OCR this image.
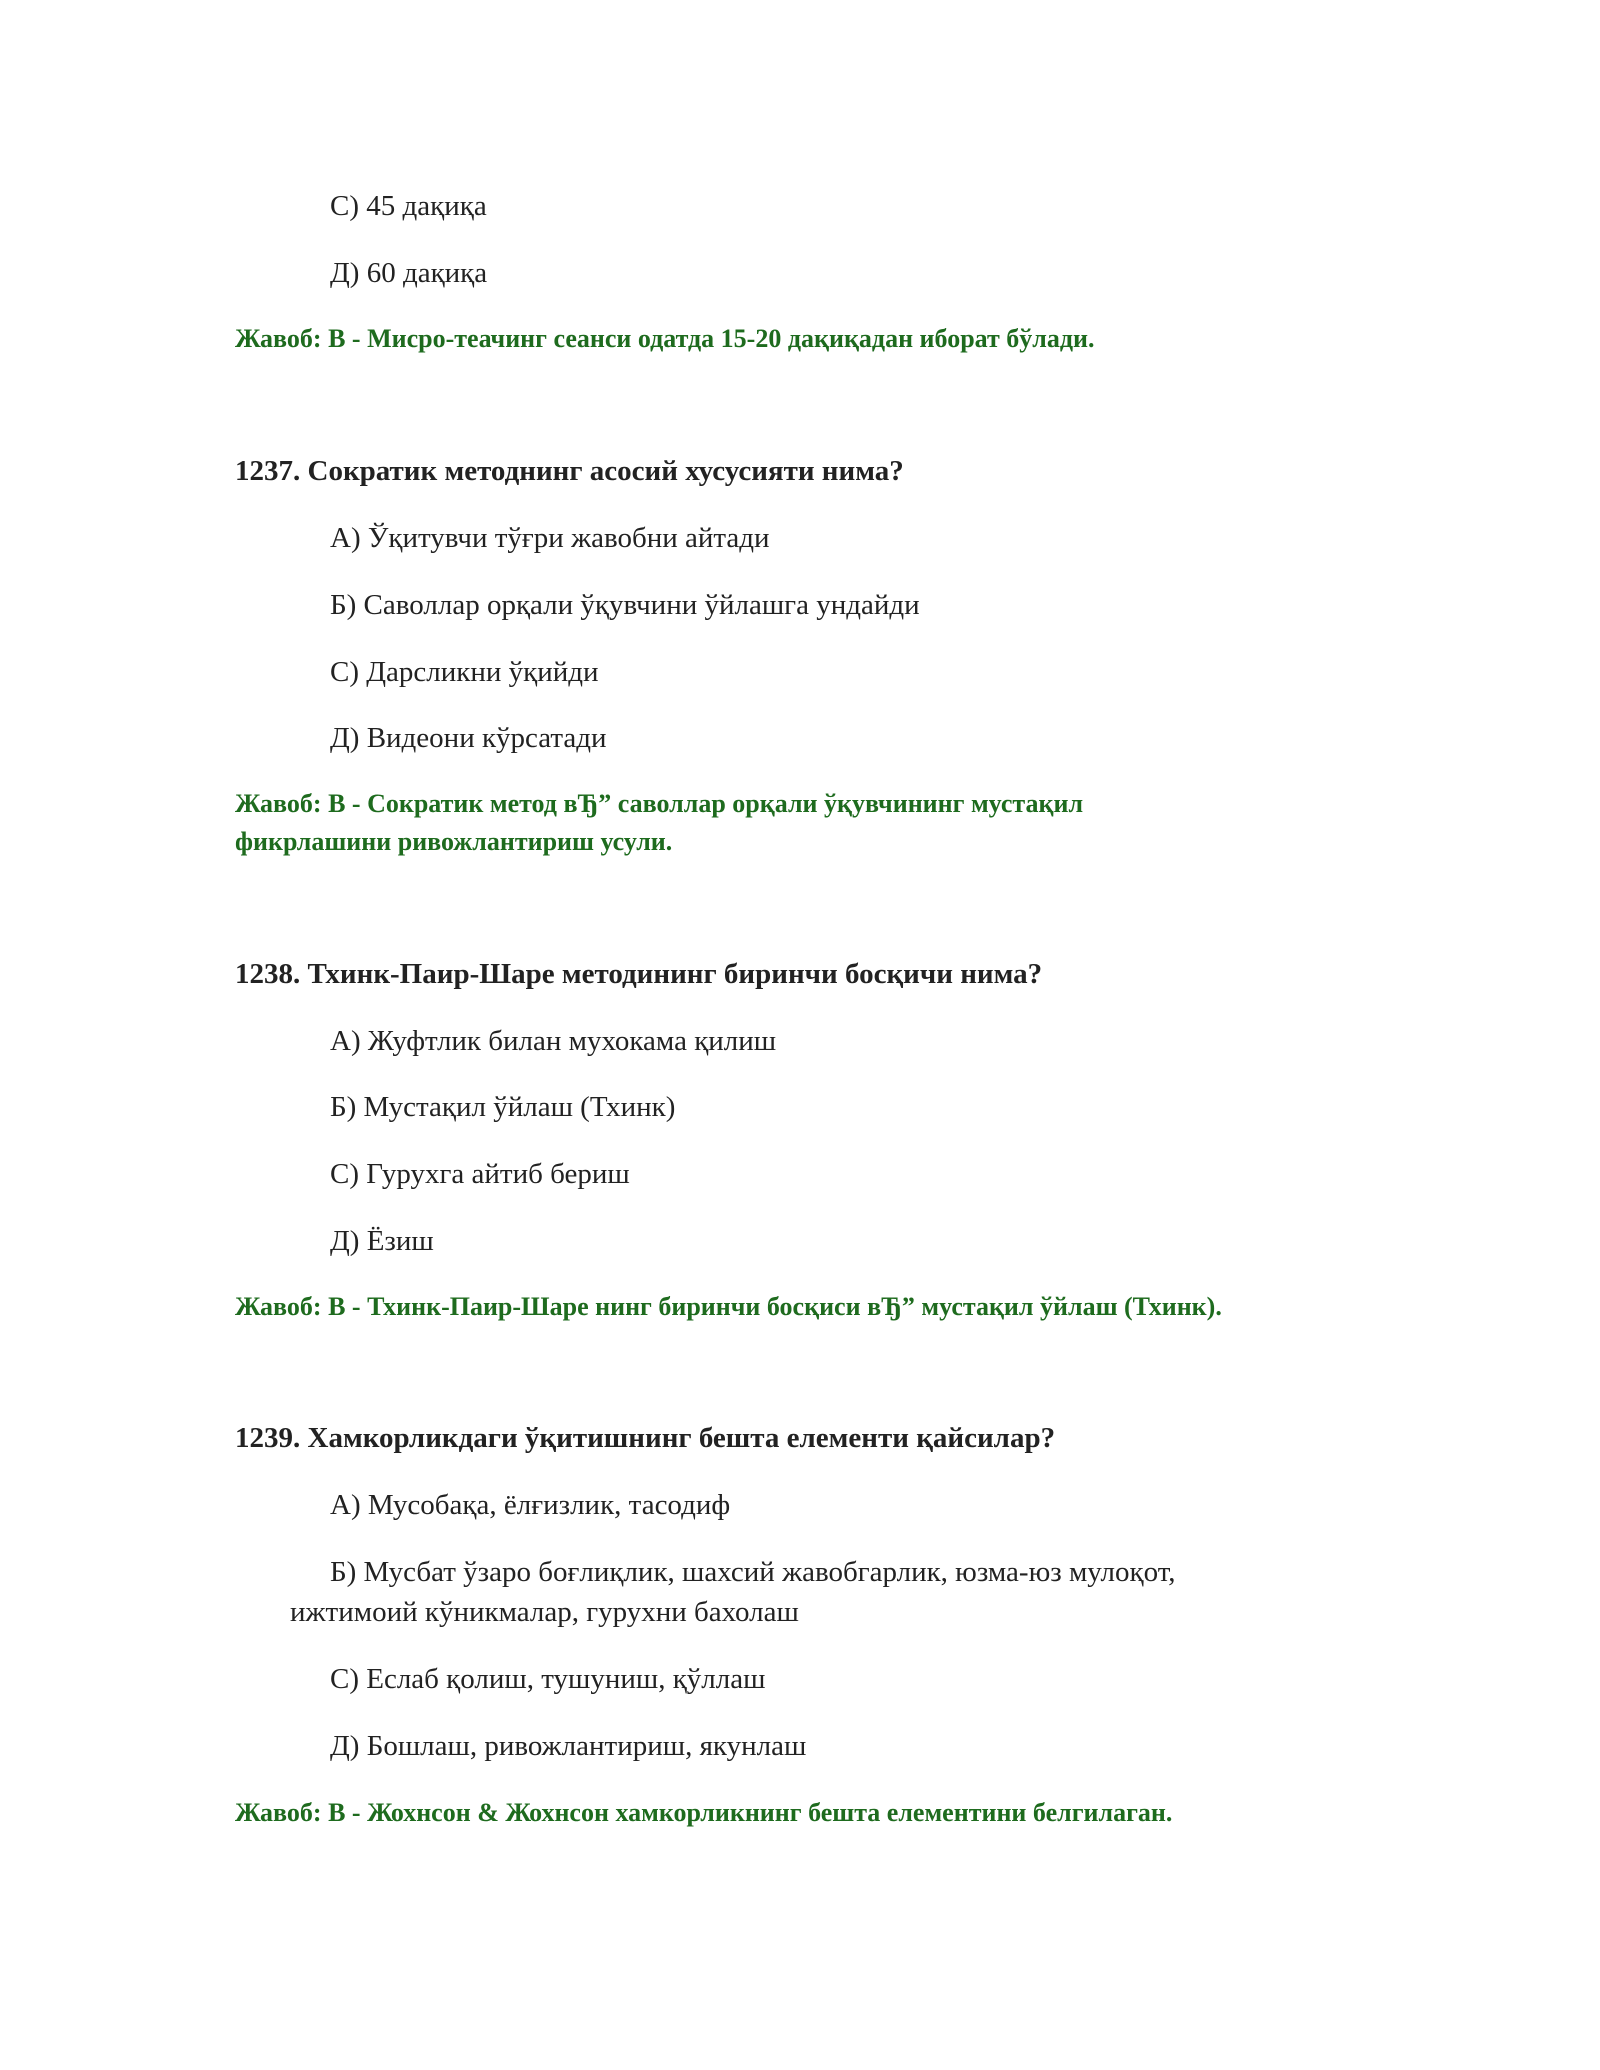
С) 45 дақиқа
Д) 60 дақиқа
Жавоб: В - Мисро-теачинг сеанси одатда 15-20 дақиқадан иборат бўлади.
1237. Сократик методнинг асосий хусусияти нима?
А) Ўқитувчи тўғри жавобни айтади
Б) Саволлар орқали ўқувчини ўйлашга ундайди
С) Дарсликни ўқийди
Д) Видеони кўрсатади
Жавоб: В - Сократик метод вЂ” саволлар орқали ўқувчининг мустақил
фикрлашини ривожлантириш усули.
1238. Тхинк-Паир-Шаре методининг биринчи босқичи нима?
А) Жуфтлик билан мухокама қилиш
Б) Мустақил ўйлаш (Тхинк)
С) Гурухга айтиб бериш
Д) Ёзиш
Жавоб: В - Тхинк-Паир-Шаре нинг биринчи босқиси вЂ” мустақил ўйлаш (Тхинк).
1239. Хамкорликдаги ўқитишнинг бешта елементи қайсилар?
А) Мусобақа, ёлғизлик, тасодиф
Б) Мусбат ўзаро боғлиқлик, шахсий жавобгарлик, юзма-юз мулоқот,
ижтимоий кўникмалар, гурухни бахолаш
С) Еслаб қолиш, тушуниш, қўллаш
Д) Бошлаш, ривожлантириш, якунлаш
Жавоб: В - Жохнсон & Жохнсон хамкорликнинг бешта елементини белгилаган.
